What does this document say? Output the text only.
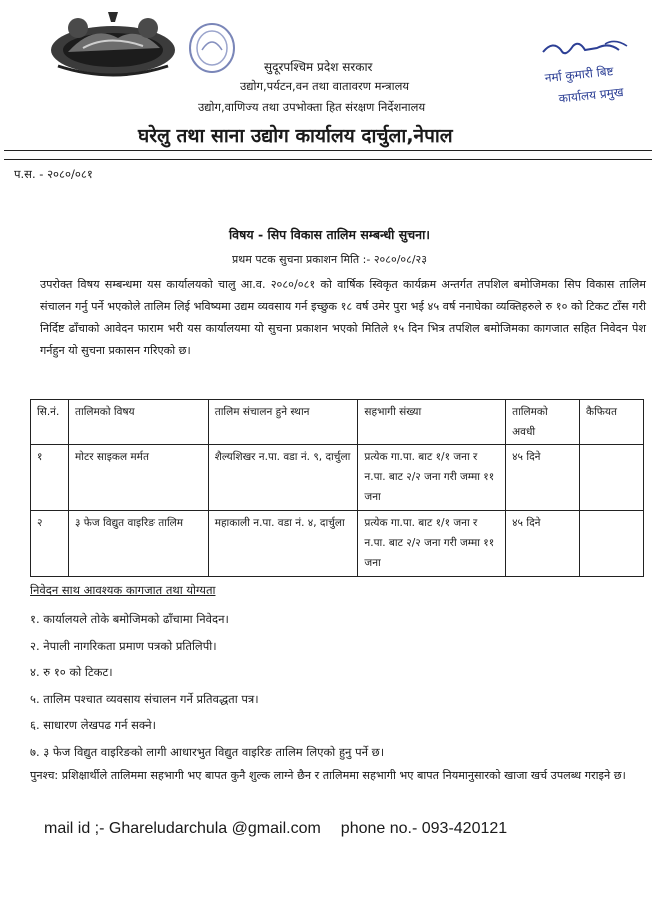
नर्मा कुमारी बिष्ट
कार्यालय प्रमुख
सुदूरपश्चिम प्रदेश सरकार
उद्योग,पर्यटन,वन तथा वातावरण मन्त्रालय
उद्योग,वाणिज्य तथा उपभोक्ता हित संरक्षण निर्देशनालय
घरेलु तथा साना उद्योग कार्यालय दार्चुला,नेपाल
प.स. - २०८०/०८१
विषय - सिप विकास तालिम सम्बन्धी सुचना।
प्रथम पटक सुचना प्रकाशन मिति :- २०८०/०८/२३
उपरोक्त विषय सम्बन्धमा यस कार्यालयको चालु आ.व. २०८०/०८१ को वार्षिक स्विकृत कार्यक्रम अन्तर्गत तपशिल बमोजिमका सिप विकास तालिम संचालन गर्नु पर्ने भएकोले तालिम लिई भविष्यमा उद्यम व्यवसाय गर्न इच्छुक १८ वर्ष उमेर पुरा भई ४५ वर्ष ननाघेका व्यक्तिहरुले रु १० को टिकट टाँस गरी निर्दिष्ट ढाँचाको आवेदन फाराम भरी यस कार्यालयमा यो सुचना प्रकाशन भएको मितिले १५ दिन भित्र तपशिल बमोजिमका कागजात सहित निवेदन पेश गर्नहुन यो सुचना प्रकासन गरिएको छ।
सि.नं.	तालिमको विषय	तालिम संचालन हुने स्थान	सहभागी संख्या	तालिमको अवधी	कैफियत
१	मोटर साइकल मर्मत	शैल्यशिखर न.पा. वडा नं. ९, दार्चुला	प्रत्येक गा.पा. बाट १/१ जना र न.पा. बाट २/२ जना गरी जम्मा ११ जना	४५ दिने	
२	३ फेज विद्युत वाइरिङ तालिम	महाकाली न.पा. वडा नं. ४, दार्चुला	प्रत्येक गा.पा. बाट १/१ जना र न.पा. बाट २/२ जना गरी जम्मा ११ जना	४५ दिने	
निवेदन साथ आवश्यक कागजात तथा योग्यता
१. कार्यालयले तोके बमोजिमको ढाँचामा निवेदन।
२. नेपाली नागरिकता प्रमाण पत्रको प्रतिलिपी।
४. रु १० को टिकट।
५. तालिम पश्चात व्यवसाय संचालन गर्ने प्रतिवद्धता पत्र।
६. साधारण लेखपढ गर्न सक्ने।
७. ३ फेज विद्युत वाइरिङको लागी आधारभुत विद्युत वाइरिङ तालिम लिएको हुनु पर्ने छ।
पुनश्च: प्रशिक्षार्थीले तालिममा सहभागी भए बापत कुनै शुल्क लाग्ने छैन र तालिममा सहभागी भए बापत नियमानुसारको खाजा खर्च उपलब्ध गराइने छ।
mail id ;- Ghareludarchula @gmail.com phone no.- 093-420121
